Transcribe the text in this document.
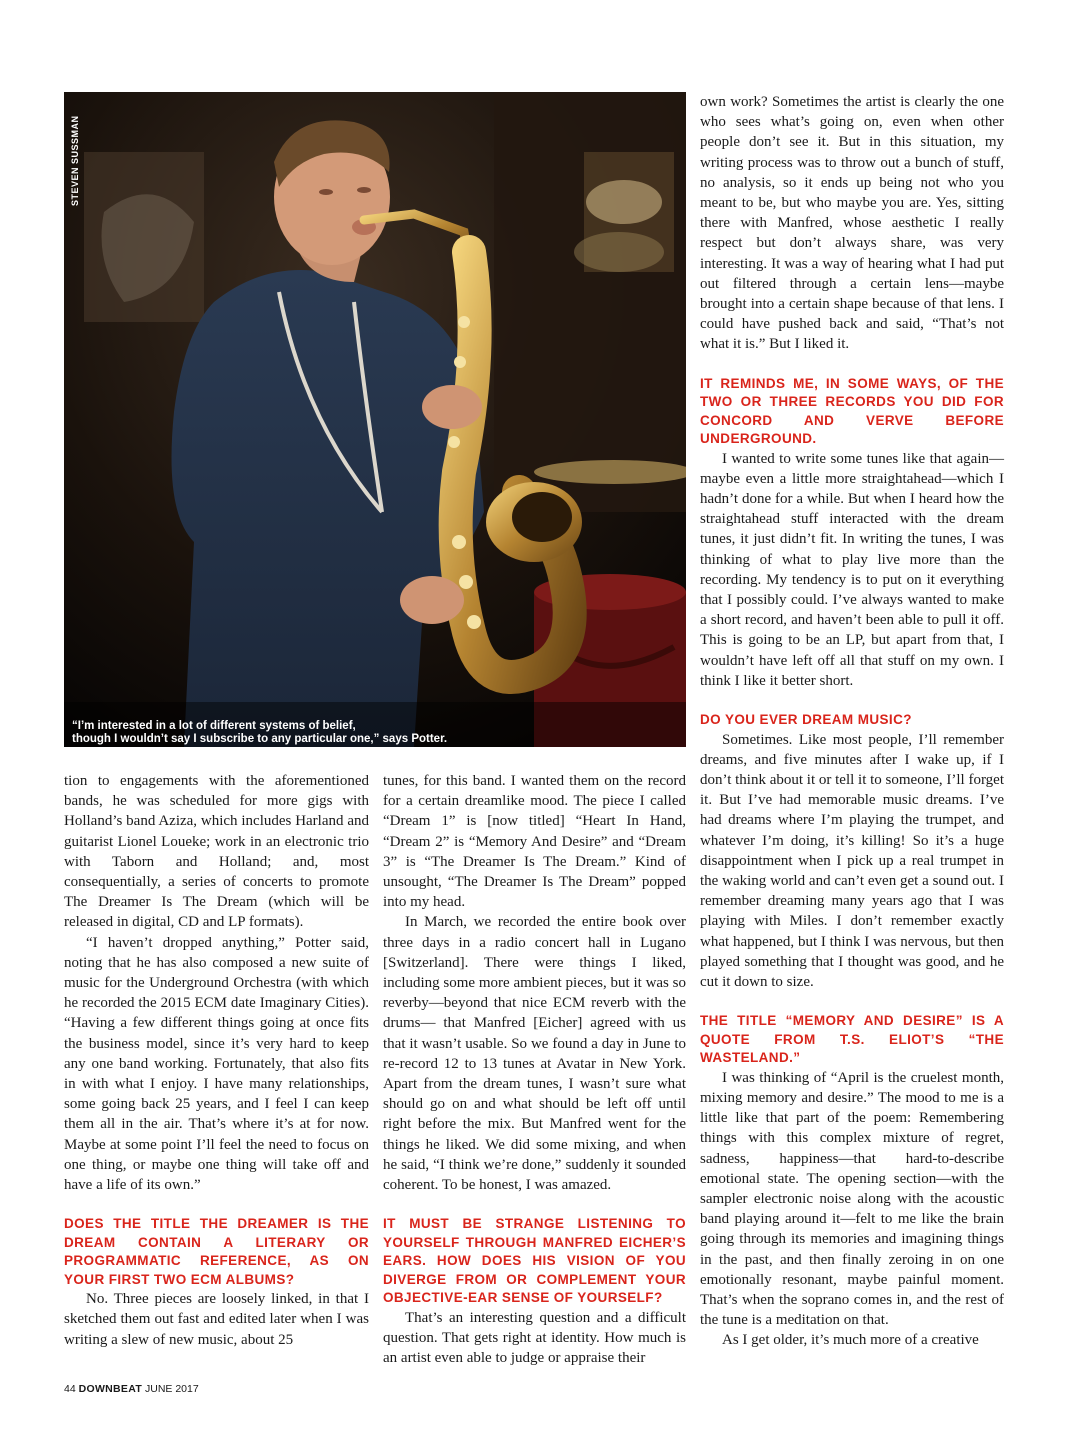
STEVEN SUSSMAN
“I’m interested in a lot of different systems of belief,
though I wouldn’t say I subscribe to any particular one,” says Potter.

tion to engagements with the aforementioned bands, he was scheduled for more gigs with Holland’s band Aziza, which includes Harland and guitarist Lionel Loueke; work in an electronic trio with Taborn and Holland; and, most consequentially, a series of concerts to promote The Dreamer Is The Dream (which will be released in digital, CD and LP formats).

“I haven’t dropped anything,” Potter said, noting that he has also composed a new suite of music for the Underground Orchestra (with which he recorded the 2015 ECM date Imaginary Cities). “Having a few different things going at once fits the business model, since it’s very hard to keep any one band working. Fortunately, that also fits in with what I enjoy. I have many relationships, some going back 25 years, and I feel I can keep them all in the air. That’s where it’s at for now. Maybe at some point I’ll feel the need to focus on one thing, or maybe one thing will take off and have a life of its own.”

DOES THE TITLE THE DREAMER IS THE DREAM CONTAIN A LITERARY OR PROGRAMMATIC REFERENCE, AS ON YOUR FIRST TWO ECM ALBUMS?

No. Three pieces are loosely linked, in that I sketched them out fast and edited later when I was writing a slew of new music, about 25

tunes, for this band. I wanted them on the record for a certain dreamlike mood. The piece I called “Dream 1” is [now titled] “Heart In Hand, “Dream 2” is “Memory And Desire” and “Dream 3” is “The Dreamer Is The Dream.” Kind of unsought, “The Dreamer Is The Dream” popped into my head.

In March, we recorded the entire book over three days in a radio concert hall in Lugano [Switzerland]. There were things I liked, including some more ambient pieces, but it was so reverby—beyond that nice ECM reverb with the drums— that Manfred [Eicher] agreed with us that it wasn’t usable. So we found a day in June to re-record 12 to 13 tunes at Avatar in New York. Apart from the dream tunes, I wasn’t sure what should go on and what should be left off until right before the mix. But Manfred went for the things he liked. We did some mixing, and when he said, “I think we’re done,” suddenly it sounded coherent. To be honest, I was amazed.

IT MUST BE STRANGE LISTENING TO YOURSELF THROUGH MANFRED EICHER’S EARS. HOW DOES HIS VISION OF YOU DIVERGE FROM OR COMPLEMENT YOUR OBJECTIVE-EAR SENSE OF YOURSELF?

That’s an interesting question and a difficult question. That gets right at identity. How much is an artist even able to judge or appraise their

own work? Sometimes the artist is clearly the one who sees what’s going on, even when other people don’t see it. But in this situation, my writing process was to throw out a bunch of stuff, no analysis, so it ends up being not who you meant to be, but who maybe you are. Yes, sitting there with Manfred, whose aesthetic I really respect but don’t always share, was very interesting. It was a way of hearing what I had put out filtered through a certain lens—maybe brought into a certain shape because of that lens. I could have pushed back and said, “That’s not what it is.” But I liked it.

IT REMINDS ME, IN SOME WAYS, OF THE TWO OR THREE RECORDS YOU DID FOR CONCORD AND VERVE BEFORE UNDERGROUND.

I wanted to write some tunes like that again—maybe even a little more straightahead—which I hadn’t done for a while. But when I heard how the straightahead stuff interacted with the dream tunes, it just didn’t fit. In writing the tunes, I was thinking of what to play live more than the recording. My tendency is to put on it everything that I possibly could. I’ve always wanted to make a short record, and haven’t been able to pull it off. This is going to be an LP, but apart from that, I wouldn’t have left off all that stuff on my own. I think I like it better short.

DO YOU EVER DREAM MUSIC?

Sometimes. Like most people, I’ll remember dreams, and five minutes after I wake up, if I don’t think about it or tell it to someone, I’ll forget it. But I’ve had memorable music dreams. I’ve had dreams where I’m playing the trumpet, and whatever I’m doing, it’s killing! So it’s a huge disappointment when I pick up a real trumpet in the waking world and can’t even get a sound out. I remember dreaming many years ago that I was playing with Miles. I don’t remember exactly what happened, but I think I was nervous, but then played something that I thought was good, and he cut it down to size.

THE TITLE “MEMORY AND DESIRE” IS A QUOTE FROM T.S. ELIOT’S “THE WASTELAND.”

I was thinking of “April is the cruelest month, mixing memory and desire.” The mood to me is a little like that part of the poem: Remembering things with this complex mixture of regret, sadness, happiness—that hard-to-describe emotional state. The opening section—with the sampler electronic noise along with the acoustic band playing around it—felt to me like the brain going through its memories and imagining things in the past, and then finally zeroing in on one emotionally resonant, maybe painful moment. That’s when the soprano comes in, and the rest of the tune is a meditation on that.

As I get older, it’s much more of a creative

44 DOWNBEAT JUNE 2017
